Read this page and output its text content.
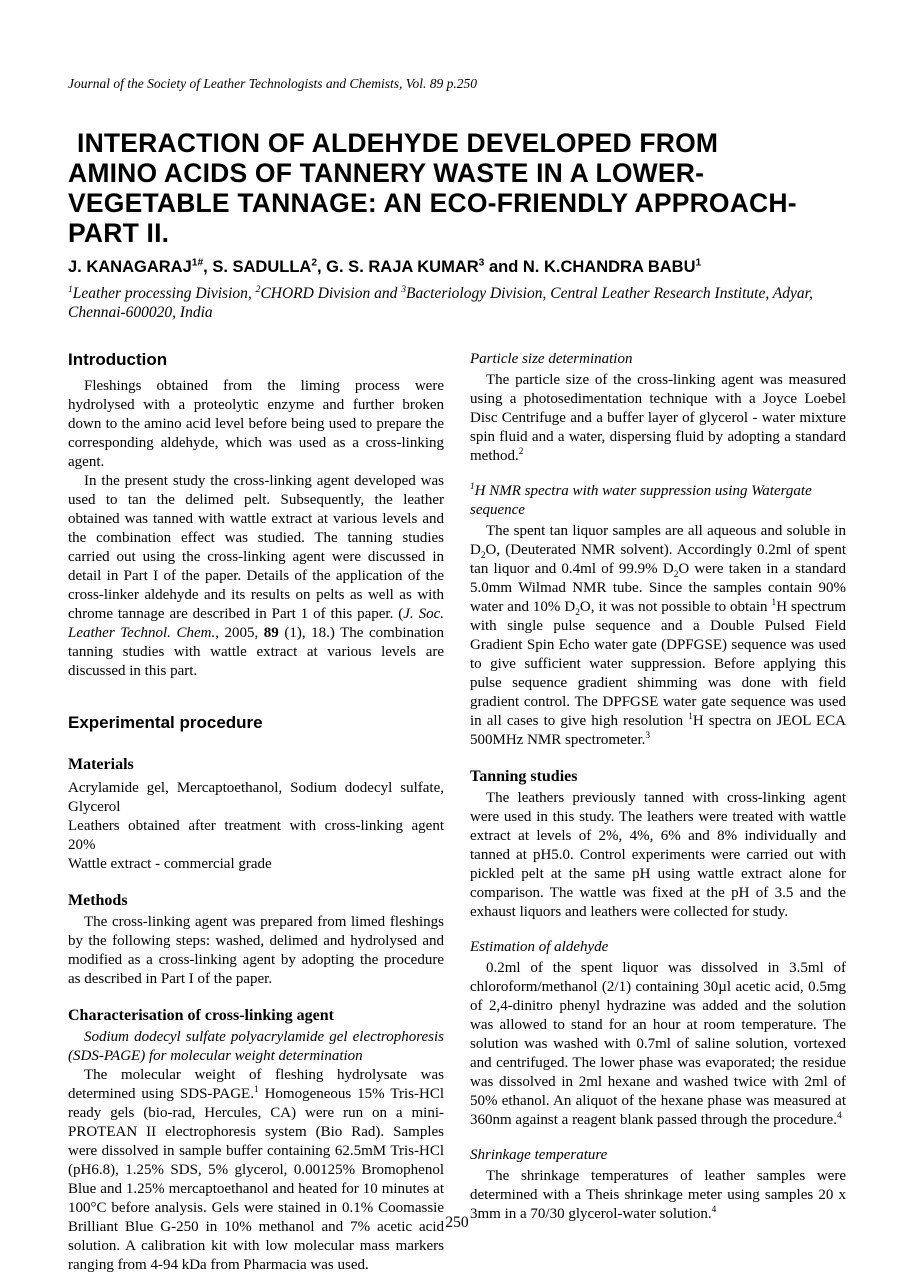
Journal of the Society of Leather Technologists and Chemists, Vol. 89 p.250
INTERACTION OF ALDEHYDE DEVELOPED FROM
AMINO ACIDS OF TANNERY WASTE IN A LOWER-
VEGETABLE TANNAGE: AN ECO-FRIENDLY APPROACH-
PART II.
J. $KANAGARAJ^{1\#}$, S. SADULLA$^2$, G. S. RAJA KUMAR$^3$ and N. K.CHANDRA BABU$^1$
$^1$Leather processing Division, $^2$CHORD Division and $^3$Bacteriology Division, Central Leather Research Institute, Adyar, Chennai-600020, India
Introduction

Fleshings obtained from the liming process were hydrolysed with a proteolytic enzyme and further broken down to the amino acid level before being used to prepare the corresponding aldehyde, which was used as a cross-linking agent.

In the present study the cross-linking agent developed was used to tan the delimed pelt. Subsequently, the leather obtained was tanned with wattle extract at various levels and the combination effect was studied. The tanning studies carried out using the cross-linking agent were discussed in detail in Part I of the paper. Details of the application of the cross-linker aldehyde and its results on pelts as well as with chrome tannage are described in Part 1 of this paper. (J. Soc. Leather Technol. Chem., 2005, 89 (1), 18.) The combination tanning studies with wattle extract at various levels are discussed in this part.

Experimental procedure
Materials

Acrylamide gel, Mercaptoethanol, Sodium dodecyl sulfate, Glycerol

Leathers obtained after treatment with cross-linking agent 20%

Wattle extract - commercial grade

Methods

The cross-linking agent was prepared from limed fleshings by the following steps: washed, delimed and hydrolysed and modified as a cross-linking agent by adopting the procedure as described in Part I of the paper.

Characterisation of cross-linking agent

Sodium dodecyl sulfate polyacrylamide gel electrophoresis (SDS-PAGE) for molecular weight determination

The molecular weight of fleshing hydrolysate was determined using SDS-PAGE.$^1$ Homogeneous 15% Tris-HCl ready gels (bio-rad, Hercules, CA) were run on a mini-PROTEAN II electrophoresis system (Bio Rad). Samples were dissolved in sample buffer containing 62.5mM Tris-HCl (pH6.8), 1.25% SDS, 5% glycerol, 0.00125% Bromophenol Blue and 1.25% mercaptoethanol and heated for 10 minutes at 100°C before analysis. Gels were stained in 0.1% Coomassie Brilliant Blue G-250 in 10% methanol and 7% acetic acid solution. A calibration kit with low molecular mass markers ranging from 4-94 kDa from Pharmacia was used.

Particle size determination

The particle size of the cross-linking agent was measured using a photosedimentation technique with a Joyce Loebel Disc Centrifuge and a buffer layer of glycerol - water mixture spin fluid and a water, dispersing fluid by adopting a standard method.$^2$

$^1$H NMR spectra with water suppression using Watergate sequence

The spent tan liquor samples are all aqueous and soluble in $D_2O$, (Deuterated NMR solvent). Accordingly 0.2ml of spent tan liquor and 0.4ml of 99.9% $D_2O$ were taken in a standard 5.0mm Wilmad NMR tube. Since the samples contain 90% water and 10% $D_2O$, it was not possible to obtain $^1$H spectrum with single pulse sequence and a Double Pulsed Field Gradient Spin Echo water gate (DPFGSE) sequence was used to give sufficient water suppression. Before applying this pulse sequence gradient shimming was done with field gradient control. The DPFGSE water gate sequence was used in all cases to give high resolution $^1$H spectra on JEOL ECA 500MHz NMR spectrometer.$^3$

Tanning studies

The leathers previously tanned with cross-linking agent were used in this study. The leathers were treated with wattle extract at levels of 2%, 4%, 6% and 8% individually and tanned at pH5.0. Control experiments were carried out with pickled pelt at the same pH using wattle extract alone for comparison. The wattle was fixed at the pH of 3.5 and the exhaust liquors and leathers were collected for study.

Estimation of aldehyde

0.2ml of the spent liquor was dissolved in 3.5ml of chloroform/methanol (2/1) containing 30µl acetic acid, 0.5mg of 2,4-dinitro phenyl hydrazine was added and the solution was allowed to stand for an hour at room temperature. The solution was washed with 0.7ml of saline solution, vortexed and centrifuged. The lower phase was evaporated; the residue was dissolved in 2ml hexane and washed twice with 2ml of 50% ethanol. An aliquot of the hexane phase was measured at 360nm against a reagent blank passed through the procedure.$^4$

Shrinkage temperature

The shrinkage temperatures of leather samples were determined with a Theis shrinkage meter using samples 20 x 3mm in a 70/30 glycerol-water solution.$^4$

250
